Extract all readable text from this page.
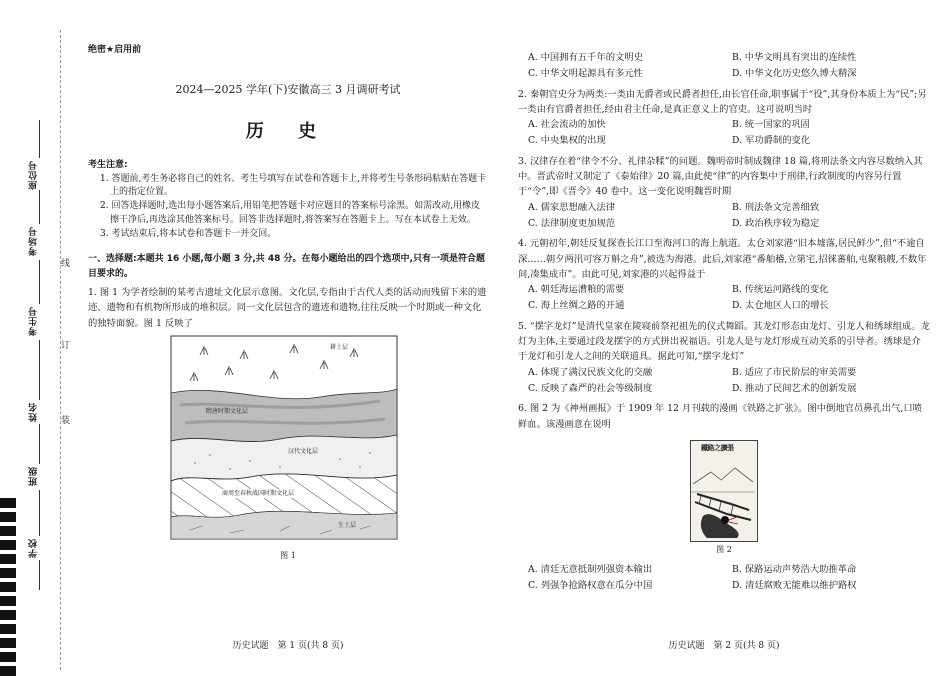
座位号
考场号
考生号
姓名
班级
学校
线
订
装
绝密★启用前
2024—2025 学年(下)安徽高三 3 月调研考试
历 史
考生注意:

1. 答题前,考生务必将自己的姓名、考生号填写在试卷和答题卡上,并将考生号条形码粘贴在答题卡上的指定位置。

2. 回答选择题时,选出每小题答案后,用铅笔把答题卡对应题目的答案标号涂黑。如需改动,用橡皮擦干净后,再选涂其他答案标号。回答非选择题时,将答案写在答题卡上。写在本试卷上无效。

3. 考试结束后,将本试卷和答题卡一并交回。

一、选择题:本题共 16 小题,每小题 3 分,共 48 分。在每小题给出的四个选项中,只有一项是符合题目要求的。
1. 图 1 为学者绘制的某考古遗址文化层示意图。文化层,专指由于古代人类的活动而残留下来的遗迹、遗物和有机物所形成的堆积层。同一文化层包含的遗迹和遗物,往往反映一个时期或一种文化的独特面貌。图 1 反映了
耕土层
隋唐时期文化层
汉代文化层
商周至春秋战国时期文化层
生土层
图 1
历史试题　第 1 页(共 8 页)
A. 中国拥有五千年的文明史	B. 中华文明具有突出的连续性
C. 中华文明起源具有多元性	D. 中华文化历史悠久博大精深
2. 秦朝官史分为两类:一类由无爵者或民爵者担任,由长官任命,职事属于“役”,其身份本质上为“民”;另一类由有官爵者担任,经由君主任命,是真正意义上的官吏。这可说明当时
A. 社会流动的加快	B. 统一国家的巩固
C. 中央集权的出现	D. 军功爵制的变化
3. 汉律存在着“律令不分、礼律杂糅”的问题。魏明帝时制成魏律 18 篇,将刑法条文内容尽数纳入其中。晋武帝时又制定了《泰始律》20 篇,由此使“律”的内容集中于刑律,行政制度的内容另行置于“令”,即《晋令》40 卷中。这一变化说明魏晋时期
A. 儒家思想融入法律	B. 刑法条文完善细致
C. 法律制度更加规范	D. 政治秩序较为稳定
4. 元朝初年,朝廷反复探查长江口至海河口的海上航道。太仓刘家港“旧本墟落,居民鲜少”,但“不逾自深……朝夕两汛可容万斛之舟”,被选为海港。此后,刘家港“番舶稽,立第宅,招徕蕃舶,屯聚粮艘,不数年间,凑集成市”。由此可见,刘家港的兴起得益于
A. 朝廷海运漕粮的需要	B. 传统运河路线的变化
C. 海上丝绸之路的开通	D. 太仓地区人口的增长
5. “摆字龙灯”是清代皇家在陵寝前祭祀祖先的仪式舞蹈。其龙灯形态由龙灯、引龙人和绣球组成。龙灯为主体,主要通过段龙摆字的方式拼出祝福语。引龙人是与龙灯形成互动关系的引导者。绣球是介于龙灯和引龙人之间的关联道具。据此可知,“摆字龙灯”
A. 体现了满汉民族文化的交融	B. 适应了市民阶层的审美需要
C. 反映了森严的社会等级制度	D. 推动了民间艺术的创新发展
6. 图 2 为《神州画报》于 1909 年 12 月刊载的漫画《铁路之扩张》。图中倒地官员鼻孔出气,口喷鲜血。该漫画意在说明
鐵路之擴張
图 2
A. 清廷无意抵制列强资本输出	B. 保路运动声势浩大助推革命
C. 列强争抢路权意在瓜分中国	D. 清廷腐败无能难以维护路权
历史试题　第 2 页(共 8 页)
